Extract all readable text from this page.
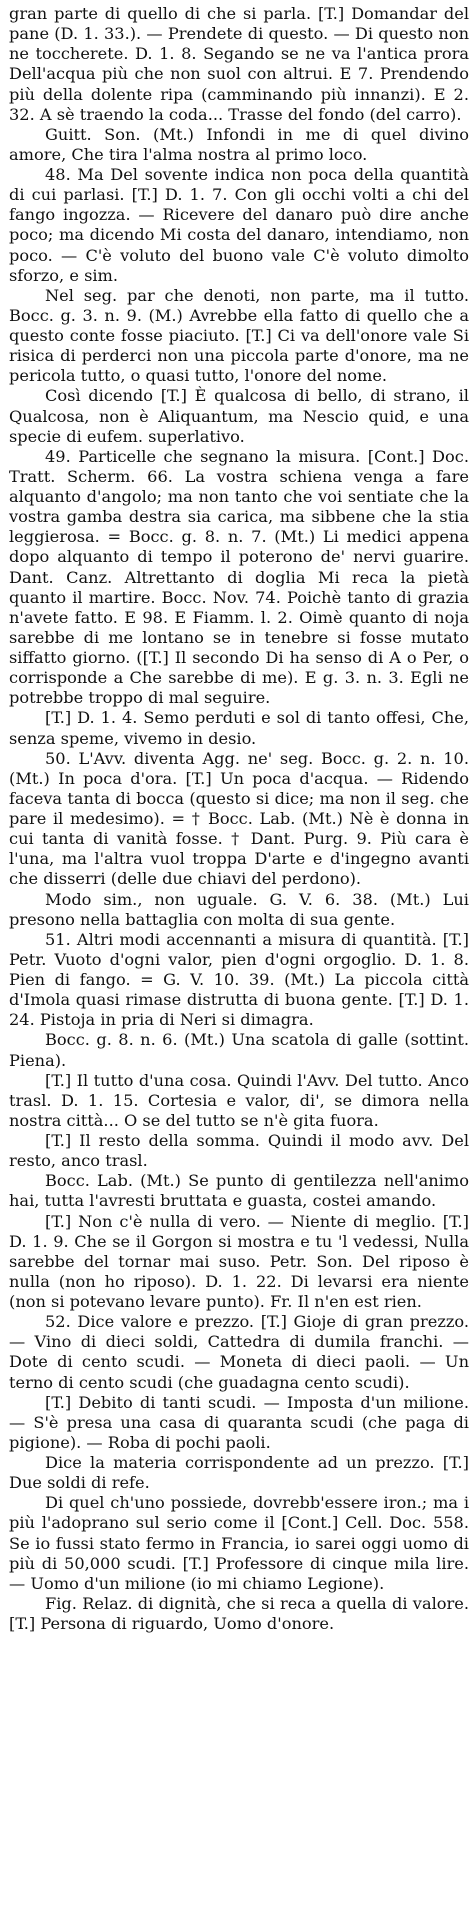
gran parte di quello di che si parla. [T.] Domandar del pane (D. 1. 33.). — Prendete di questo. — Di questo non ne toccherete. D. 1. 8. Segando se ne va l'antica prora Dell'acqua più che non suol con altrui. E 7. Prendendo più della dolente ripa (camminando più innanzi). E 2. 32. A sè traendo la coda... Trasse del fondo (del carro).

Guitt. Son. (Mt.) Infondi in me di quel divino amore, Che tira l'alma nostra al primo loco.

48. Ma Del sovente indica non poca della quantità di cui parlasi. [T.] D. 1. 7. Con gli occhi volti a chi del fango ingozza. — Ricevere del danaro può dire anche poco; ma dicendo Mi costa del danaro, intendiamo, non poco. — C'è voluto del buono vale C'è voluto dimolto sforzo, e sim.

Nel seg. par che denoti, non parte, ma il tutto. Bocc. g. 3. n. 9. (M.) Avrebbe ella fatto di quello che a questo conte fosse piaciuto. [T.] Ci va dell'onore vale Si risica di perderci non una piccola parte d'onore, ma ne pericola tutto, o quasi tutto, l'onore del nome.

Così dicendo [T.] È qualcosa di bello, di strano, il Qualcosa, non è Aliquantum, ma Nescio quid, e una specie di eufem. superlativo.

49. Particelle che segnano la misura. [Cont.] Doc. Tratt. Scherm. 66. La vostra schiena venga a fare alquanto d'angolo; ma non tanto che voi sentiate che la vostra gamba destra sia carica, ma sibbene che la stia leggierosa. = Bocc. g. 8. n. 7. (Mt.) Li medici appena dopo alquanto di tempo il poterono de' nervi guarire. Dant. Canz. Altrettanto di doglia Mi reca la pietà quanto il martire. Bocc. Nov. 74. Poichè tanto di grazia n'avete fatto. E 98. E Fiamm. l. 2. Oimè quanto di noja sarebbe di me lontano se in tenebre si fosse mutato siffatto giorno. ([T.] Il secondo Di ha senso di A o Per, o corrisponde a Che sarebbe di me). E g. 3. n. 3. Egli ne potrebbe troppo di mal seguire.

[T.] D. 1. 4. Semo perduti e sol di tanto offesi, Che, senza speme, vivemo in desio.

50. L'Avv. diventa Agg. ne' seg. Bocc. g. 2. n. 10. (Mt.) In poca d'ora. [T.] Un poca d'acqua. — Ridendo faceva tanta di bocca (questo si dice; ma non il seg. che pare il medesimo). = † Bocc. Lab. (Mt.) Nè è donna in cui tanta di vanità fosse. † Dant. Purg. 9. Più cara è l'una, ma l'altra vuol troppa D'arte e d'ingegno avanti che disserri (delle due chiavi del perdono).

Modo sim., non uguale. G. V. 6. 38. (Mt.) Lui presono nella battaglia con molta di sua gente.

51. Altri modi accennanti a misura di quantità. [T.] Petr. Vuoto d'ogni valor, pien d'ogni orgoglio. D. 1. 8. Pien di fango. = G. V. 10. 39. (Mt.) La piccola città d'Imola quasi rimase distrutta di buona gente. [T.] D. 1. 24. Pistoja in pria di Neri si dimagra.

Bocc. g. 8. n. 6. (Mt.) Una scatola di galle (sottint. Piena).

[T.] Il tutto d'una cosa. Quindi l'Avv. Del tutto. Anco trasl. D. 1. 15. Cortesia e valor, di', se dimora nella nostra città... O se del tutto se n'è gita fuora.

[T.] Il resto della somma. Quindi il modo avv. Del resto, anco trasl.

Bocc. Lab. (Mt.) Se punto di gentilezza nell'animo hai, tutta l'avresti bruttata e guasta, costei amando.

[T.] Non c'è nulla di vero. — Niente di meglio. [T.] D. 1. 9. Che se il Gorgon si mostra e tu 'l vedessi, Nulla sarebbe del tornar mai suso. Petr. Son. Del riposo è nulla (non ho riposo). D. 1. 22. Di levarsi era niente (non si potevano levare punto). Fr. Il n'en est rien.

52. Dice valore e prezzo. [T.] Gioje di gran prezzo. — Vino di dieci soldi, Cattedra di dumila franchi. — Dote di cento scudi. — Moneta di dieci paoli. — Un terno di cento scudi (che guadagna cento scudi).

[T.] Debito di tanti scudi. — Imposta d'un milione. — S'è presa una casa di quaranta scudi (che paga di pigione). — Roba di pochi paoli.

Dice la materia corrispondente ad un prezzo. [T.] Due soldi di refe.

Di quel ch'uno possiede, dovrebb'essere iron.; ma i più l'adoprano sul serio come il [Cont.] Cell. Doc. 558. Se io fussi stato fermo in Francia, io sarei oggi uomo di più di 50,000 scudi. [T.] Professore di cinque mila lire. — Uomo d'un milione (io mi chiamo Legione).

Fig. Relaz. di dignità, che si reca a quella di valore. [T.] Persona di riguardo, Uomo d'onore.
